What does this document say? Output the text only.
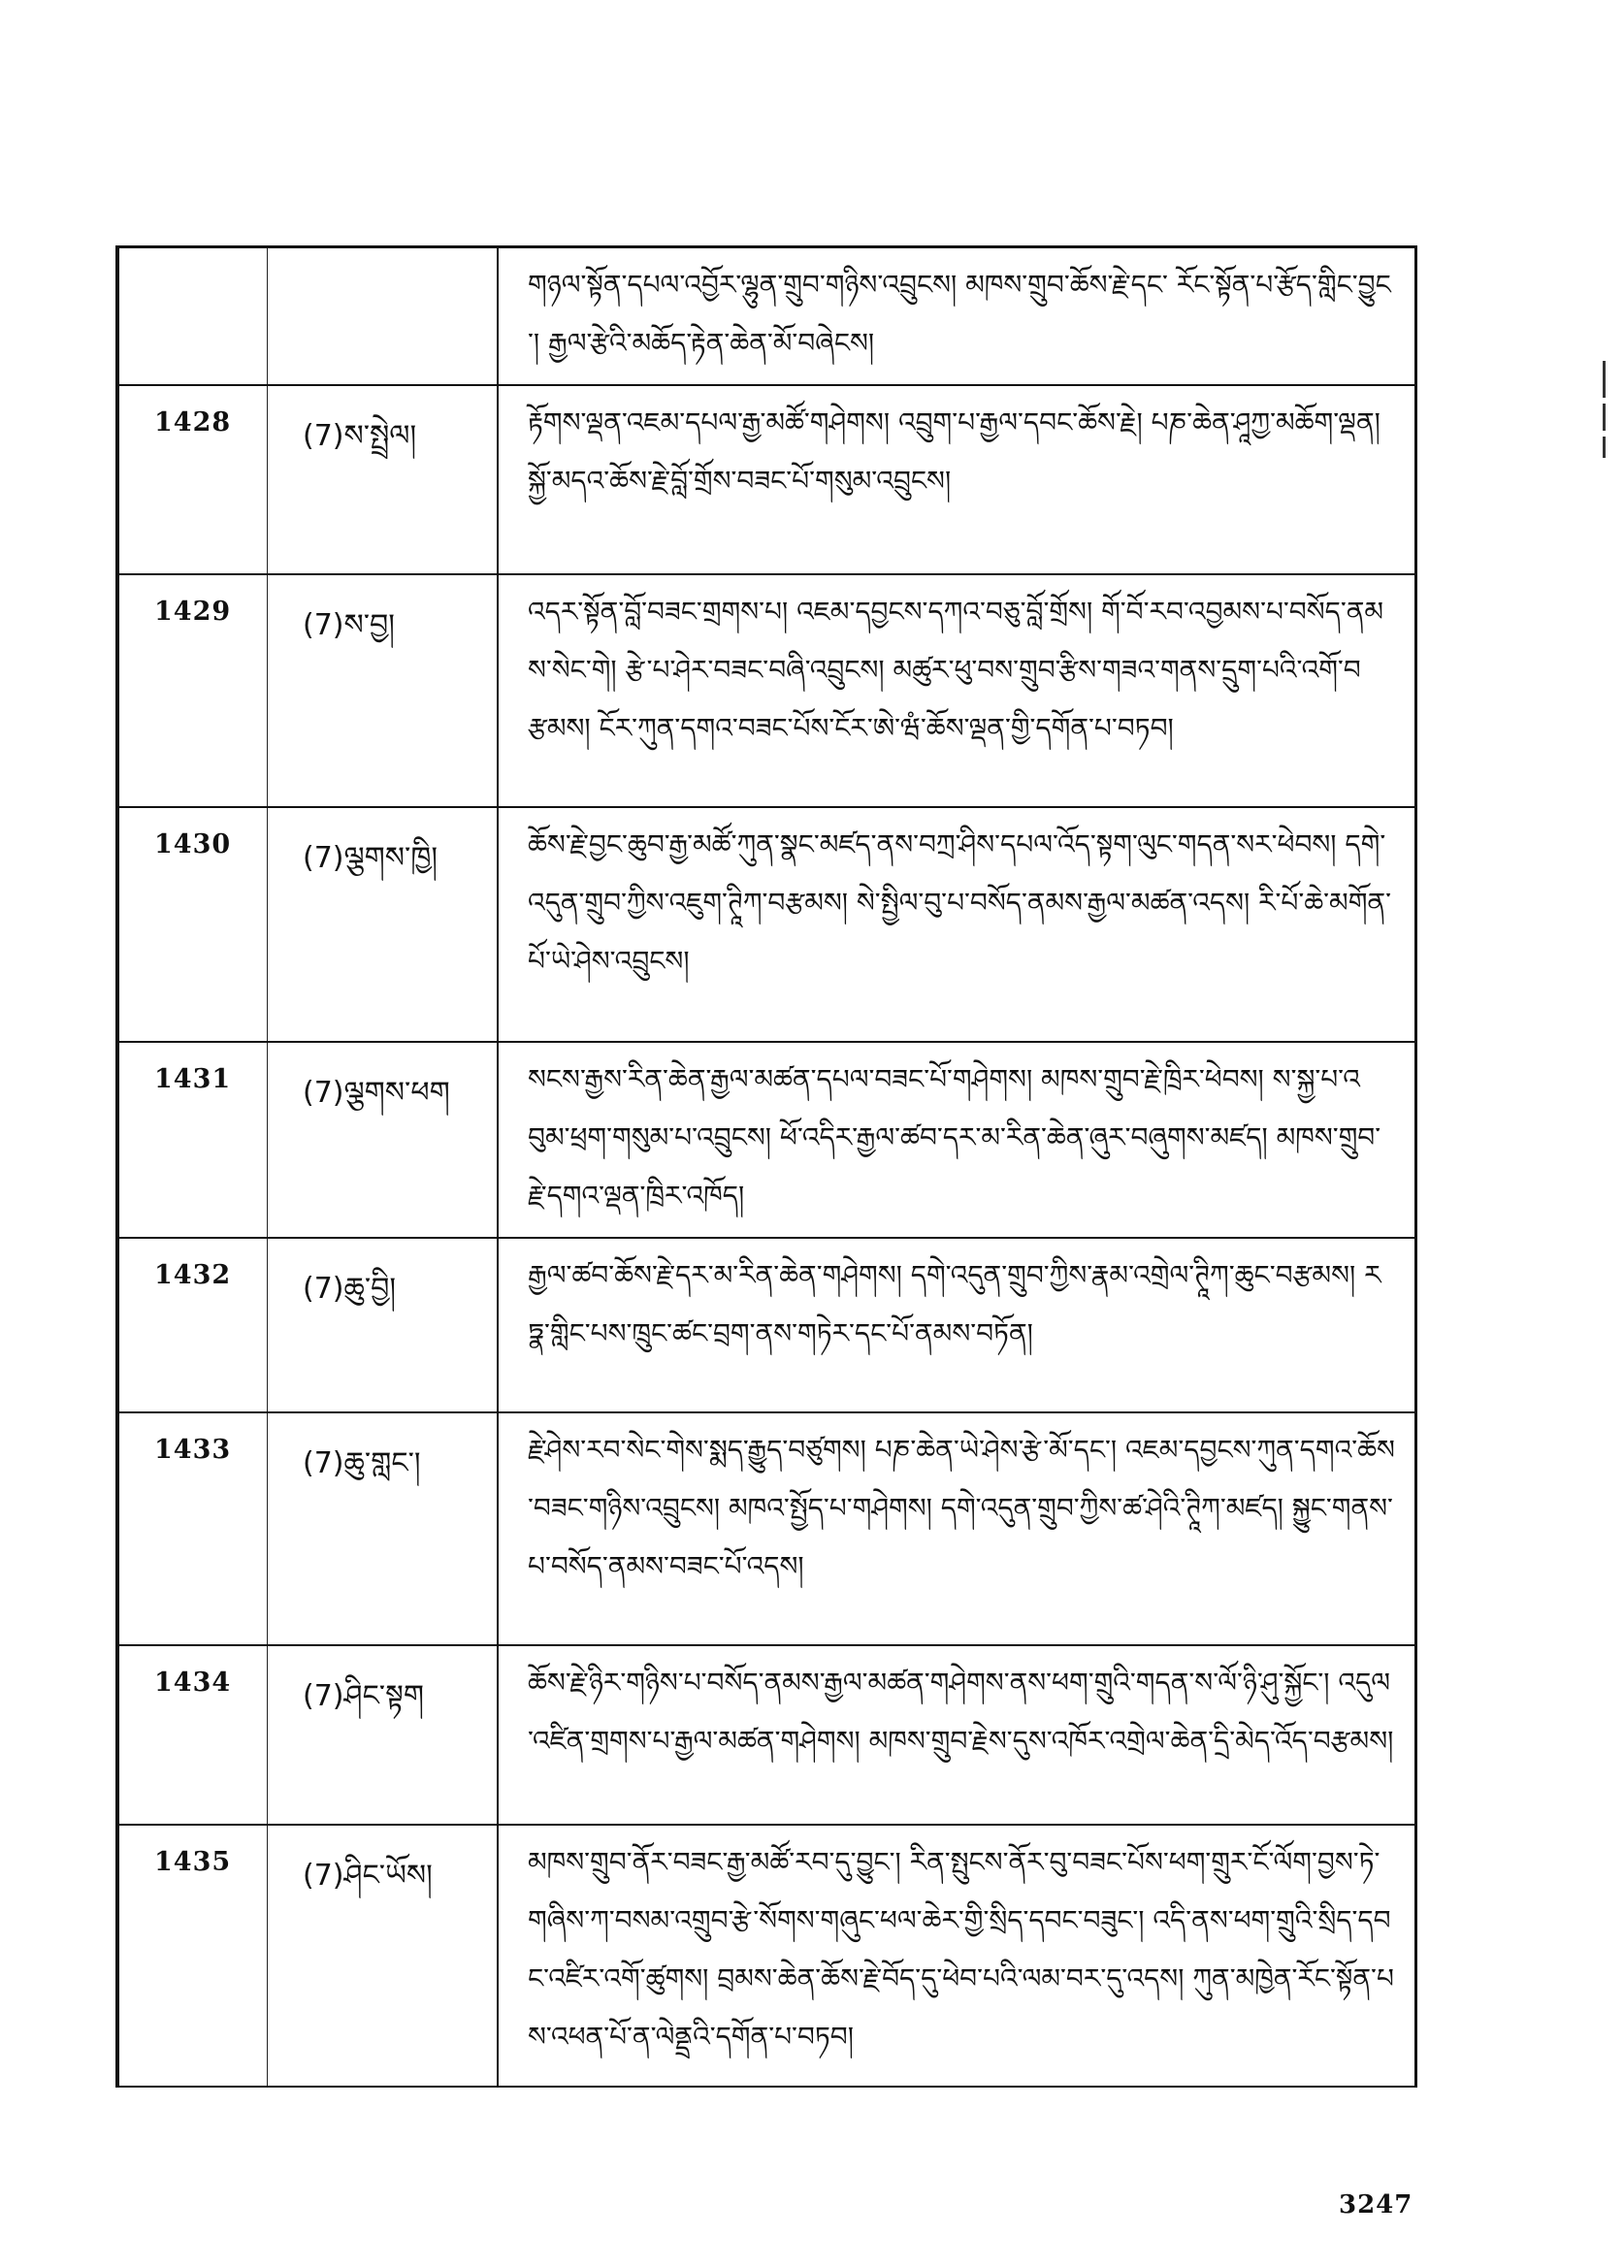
		གཉལ་སྟོན་དཔལ་འབྱོར་ལྷུན་གྲུབ་གཉིས་འབྲུངས། མཁས་གྲུབ་ཆོས་རྗེ་དང་ རོང་སྟོན་པ་རྩོད་གླིང་བྱུང་། རྒྱལ་རྩེའི་མཆོད་རྟེན་ཆེན་མོ་བཞེངས།

1428	(7)ས་སྤྲེལ།	རྟོགས་ལྡན་འཇམ་དཔལ་རྒྱ་མཚོ་གཤེགས། འབྲུག་པ་རྒྱལ་དབང་ཆོས་རྗེ། པཎ་ཆེན་ཤཱཀྱ་མཆོག་ལྡན། སྐྱོ་མདའ་ཆོས་རྗེ་བློ་གྲོས་བཟང་པོ་གསུམ་འབྲུངས།

1429	(7)ས་བྱ།	འདར་སྟོན་བློ་བཟང་གྲགས་པ། འཇམ་དབྱངས་དཀའ་བཅུ་བློ་གྲོས། གོ་བོ་རབ་འབྱམས་པ་བསོད་ནམས་སེང་གེ། རྩེ་པ་ཤེར་བཟང་བཞི་འབྲུངས། མཚུར་ཕུ་བས་གྲུབ་རྩིས་གཟའ་གནས་དྲུག་པའི་འགོ་བརྩམས། ངོར་ཀུན་དགའ་བཟང་པོས་ངོར་ཨེ་ཝཾ་ཆོས་ལྡན་གྱི་དགོན་པ་བཏབ།

1430	(7)ལྕགས་ཁྱི།	ཆོས་རྗེ་བྱང་ཆུབ་རྒྱ་མཚོ་ཀུན་སྣང་མཛད་ནས་བཀྲ་ཤིས་དཔལ་འོད་སྟག་ལུང་གདན་སར་ཕེབས། དགེ་འདུན་གྲུབ་ཀྱིས་འཇུག་ཊཱིཀ་བརྩམས། སེ་སྤྱིལ་བུ་པ་བསོད་ནམས་རྒྱལ་མཚན་འདས། རི་པོ་ཆེ་མགོན་པོ་ཡེ་ཤེས་འབྲུངས།

1431	(7)ལྕགས་ཕག	སངས་རྒྱས་རིན་ཆེན་རྒྱལ་མཚན་དཔལ་བཟང་པོ་གཤེགས། མཁས་གྲུབ་རྗེ་ཁྲིར་ཕེབས། ས་སྐྱ་པ་འབུམ་ཕྲག་གསུམ་པ་འབྲུངས། ཕོ་འདིར་རྒྱལ་ཚབ་དར་མ་རིན་ཆེན་ཞུར་བཞུགས་མཛད། མཁས་གྲུབ་རྗེ་དགའ་ལྡན་ཁྲིར་འཁོད།

1432	(7)ཆུ་བྱི།	རྒྱལ་ཚབ་ཆོས་རྗེ་དར་མ་རིན་ཆེན་གཤེགས། དགེ་འདུན་གྲུབ་ཀྱིས་རྣམ་འགྲེལ་ཊཱིཀ་ཆུང་བརྩམས། རཏྣ་གླིང་པས་ཁྲུང་ཚང་བྲག་ནས་གཏེར་དང་པོ་ནམས་བཏོན།

1433	(7)ཆུ་གླང་།	རྗེ་ཤེས་རབ་སེང་གེས་སྨད་རྒྱུད་བཙུགས། པཎ་ཆེན་ཡེ་ཤེས་རྩེ་མོ་དང་། འཇམ་དབྱངས་ཀུན་དགའ་ཆོས་བཟང་གཉིས་འབྲུངས། མཁའ་སྤྱོད་པ་གཤེགས། དགེ་འདུན་གྲུབ་ཀྱིས་ཚ་ཤེའི་ཊཱིཀ་མཛད། སྐྱུང་གནས་པ་བསོད་ནམས་བཟང་པོ་འདས།

1434	(7)ཤིང་སྟག	ཆོས་རྗེ་ཉིར་གཉིས་པ་བསོད་ནམས་རྒྱལ་མཚན་གཤེགས་ནས་ཕག་གྲུའི་གདན་ས་ལོ་ཉི་ཤུ་སྐྱོང་། འདུལ་འཛིན་གྲགས་པ་རྒྱལ་མཚན་གཤེགས། མཁས་གྲུབ་རྗེས་དུས་འཁོར་འགྲེལ་ཆེན་དྲི་མེད་འོད་བརྩམས།

1435	(7)ཤིང་ཡོས།	མཁས་གྲུབ་ནོར་བཟང་རྒྱ་མཚོ་རབ་དུ་བྱུང་། རིན་སྤུངས་ནོར་བུ་བཟང་པོས་ཕག་གྲུར་ངོ་ལོག་བྱས་ཏེ་གཞིས་ཀ་བསམ་འགྲུབ་རྩེ་སོགས་གཞུང་ཕལ་ཆེར་གྱི་སྲིད་དབང་བཟུང་། འདི་ནས་ཕག་གྲུའི་སྲིད་དབང་འཛིར་འགོ་ཚུགས། བྲམས་ཆེན་ཆོས་རྗེ་བོད་དུ་ཕེབ་པའི་ལམ་བར་དུ་འདས། ཀུན་མཁྱེན་རོང་སྟོན་པས་འཕན་པོ་ན་ལེནྡྲའི་དགོན་པ་བཏབ།
3247
